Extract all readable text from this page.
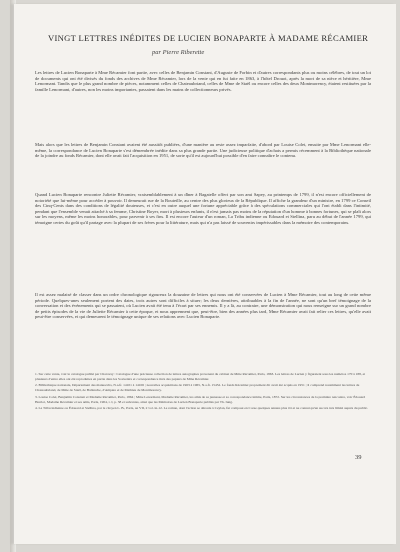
VINGT LETTRES INÉDITES DE LUCIEN BONAPARTE À MADAME RÉCAMIER
par Pierre Riberette
Les lettres de Lucien Bonaparte à Mme Récamier font partie, avec celles de Benjamin Constant, d'Auguste de Forbin et d'autres correspondants plus ou moins célèbres, de tout un lot de documents qui ont été divisés du fonds des archives de Mme Récamier, lors de la vente qui en fut faite en 1863, à l'hôtel Drouot, après la mort de sa nièce et héritière, Mme Lenormant. Tandis que le plus grand nombre de pièces, notamment celles de Chateaubriand, celles de Mme de Staël ou encore celles des deux Montmorency, étaient restituées par la famille Lenormant, d'autres, non les moins importantes, passaient dans les mains de collectionneurs privés.
Mais alors que les lettres de Benjamin Constant avaient été aussitôt publiées, d'une manière au reste assez imparfaite, d'abord par Louise Colet, ensuite par Mme Lenormant elle-même, la correspondance de Lucien Bonaparte s'est démembrée inédite dans sa plus grande partie. Une judicieuse politique d'achats a permis récemment à la Bibliothèque nationale de la joindre au fonds Récamier, dont elle avait fait l'acquisition en 1951, de sorte qu'il est aujourd'hui possible d'en faire connaître le contenu.
Quand Lucien Bonaparte rencontre Juliette Récamier, vraisemblablement à un dîner à Bagatelle offert par son ami Sapey, au printemps de 1799, il n'est encore officiellement de notoriété que lui-même pour accéder à pouvoir. Il demeurait rue de la Bouteille, au centre des plus glorieux de la République. Il affiche la grandeur d'un ministre, en 1799 ce Conseil des Cinq-Cents dans des conditions de légalité douteuses, et c'est en outre auquel une fortune appréciable grâce à des spéculations commerciales qui l'ont établi dans l'intimité, pendant que l'ensemble venait attaché à sa femme, Christine Boyer, mort à plusieurs enfants, il n'est jamais pas moins de la réputation d'un homme à bonnes fortunes, qui se plaît alors sur les moyens, même les moins honorables, pour parvenir à ses fins. Il est encore l'auteur d'un roman, La Tribu indienne ou Edouard et Stellina, paru au début de l'année 1799, qui témoigne certes du goût qu'il partage avec la plupart de ses frères pour la littérature, mais qui n'a pas laissé de souvenirs impérissables dans la mémoire des contemporains.
Il est assez malaisé de classer dans un ordre chronologique rigoureux la douzaine de lettres qui nous ont été conservées de Lucien à Mme Récamier, tout au long de cette même période. Quelques-unes seulement portent des dates, trois autres sont difficiles à situer; les deux dernières, attribuables à la fin de l'année, ne sont qu'un bref témoignage de la conversation et des événements qui se passaient, où Lucien avait été tenu à l'écart par ses ennemis. Il y a là, au contraire, une démonstration qui nous renseigne sur un grand nombre de petits épisodes de la vie de Juliette Récamier à cette époque, et nous apprennent que, peut-être, bien des années plus tard, Mme Récamier avait fait relier ces lettres, qu'elle avait peut-être conservées, et qui demeurent le témoignage unique de ses relations avec Lucien Bonaparte.
1. Sur cette vente, voir le catalogue publié par Charavay : Catalogue d'une précieuse collection de lettres autographes provenant du cabinet de Mme Récamier, Paris, 1863. Les lettres de Lucien y figuraient sous les numéros 170 à 188, et plusieurs d'entre elles ont été reproduites en partie dans les Souvenirs et correspondance tirés des papiers de Mme Récamier.
2. Bibliothèque nationale, Département des manuscrits, N.a.fr. 14101 à 14106 ; nouvelles acquisitions de 1963 à 1965, N.a.fr. 15452. Le fonds Récamier proprement dit avait été acquis en 1951 ; il comprend notamment les lettres de Chateaubriand, de Mme de Staël, de Ballanche, d'Ampère et de Mathieu de Montmorency.
3. Louise Colet, Benjamin Constant et Madame Récamier, Paris, 1864 ; Mme Lenormant, Madame Récamier, les amis de sa jeunesse et sa correspondance intime, Paris, 1872. Sur les circonstances de la première rencontre, voir Édouard Herriot, Madame Récamier et ses amis, Paris, 1904, t. I, p. 38 et suivantes, ainsi que les Mémoires de Lucien Bonaparte publiés par Th. Iung.
4. La Tribu indienne ou Édouard et Stellina, par le citoyen L. B., Paris, an VII, 2 vol. in-12. Le roman, dont l'action se déroule à Ceylan, fut composé en Corse quelques années plus tôt et ne connut qu'un succès très limité auprès du public.
39
